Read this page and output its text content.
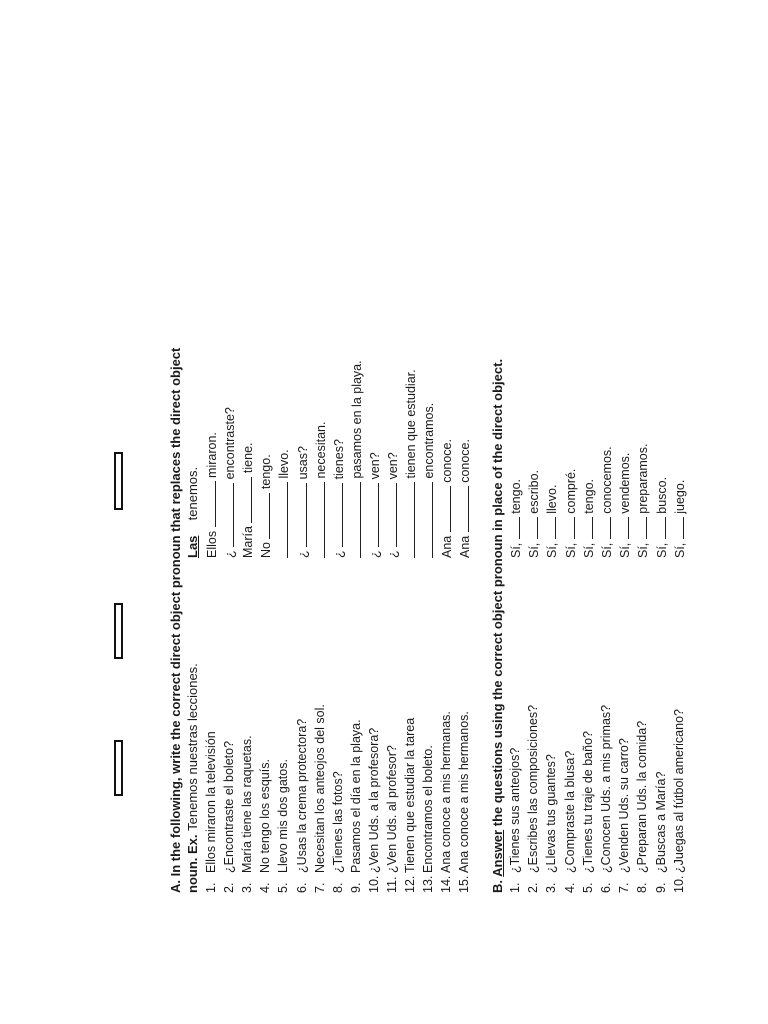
A. In the following, write the correct direct object pronoun that replaces the direct object noun. Ex. Tenemos nuestras lecciones.
Las  tenemos.
1.Ellos miraron la televisión
Ellos  miraron.
2.¿Encontraste el boleto?
¿  encontraste?
3.María tiene las raquetas.
María  tiene.
4.No tengo los esquís.
No  tengo.
5.Llevo mis dos gatos.
llevo.
6.¿Usas la crema protectora?
¿  usas?
7.Necesitan los anteojos del sol.
necesitan.
8.¿Tienes las fotos?
¿  tienes?
9.Pasamos el día en la playa.
pasamos en la playa.
10.¿Ven Uds. a la profesora?
¿  ven?
11.¿Ven Uds. al profesor?
¿  ven?
12.Tienen que estudiar la tarea
tienen que estudiar.
13.Encontramos el boleto.
encontramos.
14.Ana conoce a mis hermanas.
Ana  conoce.
15.Ana conoce a mis hermanos.
Ana  conoce.
B. Answer the questions using the correct object pronoun in place of the direct object.
1.¿Tienes sus anteojos?
Sí,  tengo.
2.¿Escribes las composiciones?
Sí,  escribo.
3.¿Llevas tus guantes?
Sí,  llevo.
4.¿Compraste la blusa?
Sí,  compré.
5.¿Tienes tu traje de baño?
Sí,  tengo.
6.¿Conocen Uds. a mis primas?
Sí,  conocemos.
7.¿Venden Uds. su carro?
Sí,  vendemos.
8.¿Preparan Uds. la comida?
Sí,  preparamos.
9.¿Buscas a María?
Sí,  busco.
10.¿Juegas al fútbol americano?
Sí,  juego.
